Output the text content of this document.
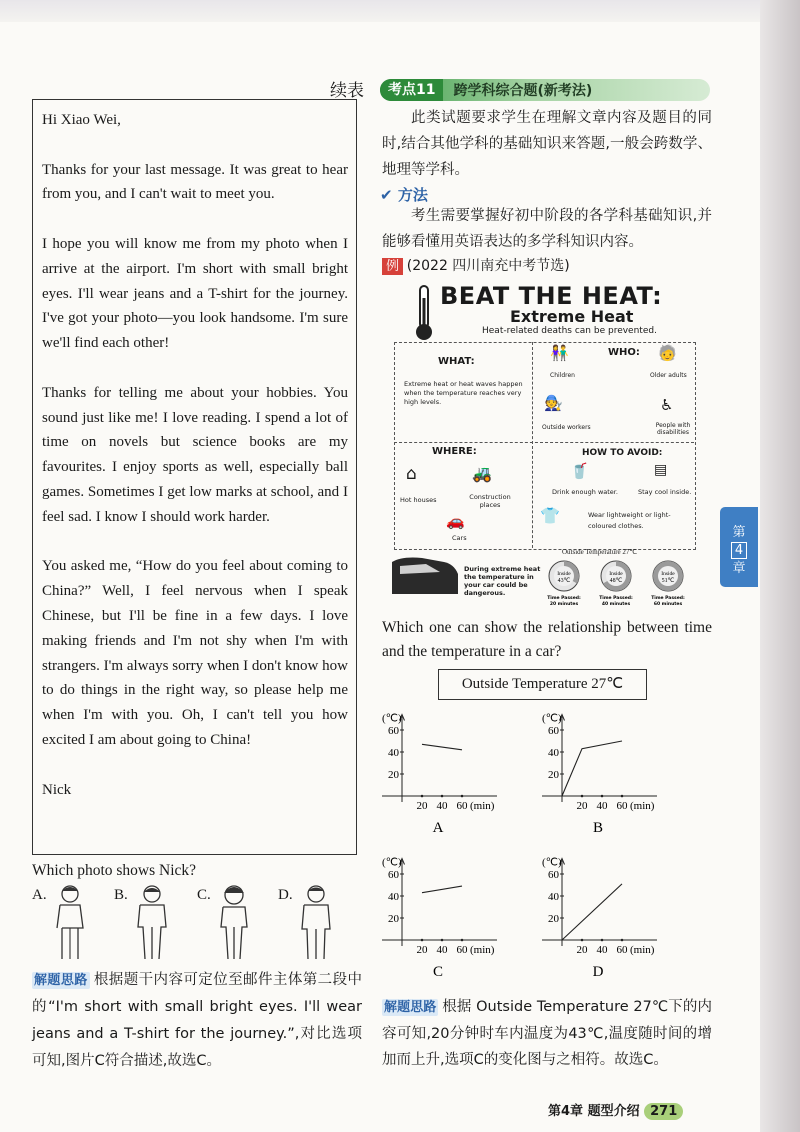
续表

Hi Xiao Wei,

Thanks for your last message. It was great to hear from you, and I can't wait to meet you.

I hope you will know me from my photo when I arrive at the airport. I'm short with small bright eyes. I'll wear jeans and a T-shirt for the journey. I've got your photo—you look handsome. I'm sure we'll find each other!

Thanks for telling me about your hobbies. You sound just like me! I love reading. I spend a lot of time on novels but science books are my favourites. I enjoy sports as well, especially ball games. Sometimes I get low marks at school, and I feel sad. I know I should work harder.

You asked me, “How do you feel about coming to China?” Well, I feel nervous when I speak Chinese, but I'll be fine in a few days. I love making friends and I'm not shy when I'm with strangers. I'm always sorry when I don't know how to do things in the right way, so please help me when I'm with you. Oh, I can't tell you how excited I am about going to China!

Nick

Which photo shows Nick?
A.	B.	C.	D.
解题思路 根据题干内容可定位至邮件主体第二段中的“I'm short with small bright eyes. I'll wear jeans and a T-shirt for the journey.”,对比选项可知,图片C符合描述,故选C。
考点11	跨学科综合题(新考法)
此类试题要求学生在理解文章内容及题目的同时,结合其他学科的基础知识来答题,一般会跨数学、地理等学科。
✔ 方法
考生需要掌握好初中阶段的各学科基础知识,并能够看懂用英语表达的多学科知识内容。
例 (2022 四川南充中考节选)
BEAT THE HEAT:
Extreme Heat
Heat-related deaths can be prevented.
WHAT:
Extreme heat or heat waves happen when the temperature reaches very high levels.
WHO:
👫
Children
🧓
Older adults
🧑‍🔧
Outside workers
♿
People with disabilities
WHERE:
⌂
Hot houses
🚜
Construction places
🚗
Cars
HOW TO AVOID:
🥤
Drink enough water.
▤
Stay cool inside.
👕	Wear lightweight or light-coloured clothes.
During extreme heat the temperature in your car could be dangerous.
Outside Temperature 27℃
Inside
43℃
Time Passed:
20 minutes
Inside
48℃
Time Passed:
40 minutes
Inside
51℃
Time Passed:
60 minutes
Which one can show the relationship between time and the temperature in a car?
Outside Temperature 27℃
(℃)
20
40
60
20 40 60 (min)
A
(℃)
20
40
60
20 40 60 (min)
B
(℃)
20
40
60
20 40 60 (min)
C
(℃)
20
40
60
20 40 60 (min)
D
解题思路 根据 Outside Temperature 27℃下的内容可知,20分钟时车内温度为43℃,温度随时间的增加而上升,选项C的变化图与之相符。故选C。
第
4
章
第4章 题型介绍 271
